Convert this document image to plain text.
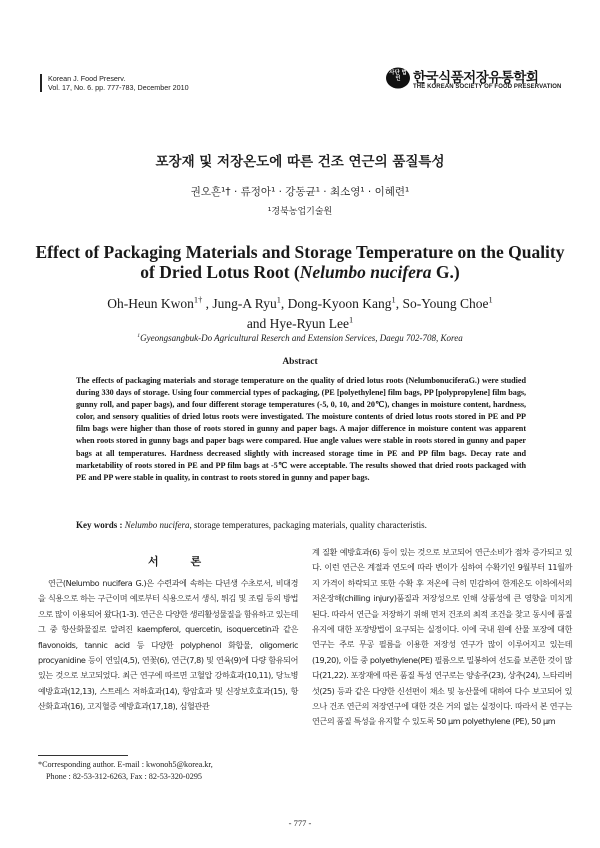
Korean J. Food Preserv.
Vol. 17, No. 6. pp. 777-783, December 2010
사단 법인 한국식품저장유통학회
THE KOREAN SOCIETY OF FOOD PRESERVATION
포장재 및 저장온도에 따른 건조 연근의 품질특성
권오흔¹† · 류정아¹ · 강동균¹ · 최소영¹ · 이혜련¹
¹경북농업기술원
Effect of Packaging Materials and Storage Temperature on the Quality
of Dried Lotus Root (Nelumbo nucifera G.)
Oh-Heun Kwon$^{1\dagger}$ , Jung-A Ryu$^1$, Dong-Kyoon Kang$^1$, So-Young Choe$^1$
and Hye-Ryun Lee$^1$
$^1$Gyeongsangbuk-Do Agricultural Reserch and Extension Services, Daegu 702-708, Korea
Abstract
The effects of packaging materials and storage temperature on the quality of dried lotus roots (NelumbonuciferaG.) were studied during 330 days of storage. Using four commercial types of packaging, (PE [polyethylene] film bags, PP [polypropylene] film bags, gunny roll, and paper bags), and four different storage temperatures (-5, 0, 10, and 20℃), changes in moisture content, hardness, color, and sensory qualities of dried lotus roots were investigated. The moisture contents of dried lotus roots stored in PE and PP film bags were higher than those of roots stored in gunny and paper bags. A major difference in moisture content was apparent when roots stored in gunny bags and paper bags were compared. Hue angle values were stable in roots stored in gunny and paper bags at all temperatures. Hardness decreased slightly with increased storage time in PE and PP film bags. Decay rate and marketability of roots stored in PE and PP film bags at -5℃ were acceptable. The results showed that dried roots packaged with PE and PP were stable in quality, in contrast to roots stored in gunny and paper bags.
Key words : Nelumbo nucifera, storage temperatures, packaging materials, quality characteristis.
서 론
연근(Nelumbo nucifera G.)은 수련과에 속하는 다년생 수초로서, 비대경을 식용으로 하는 구근이며 예로부터 식용으로서 생식, 튀김 및 조림 등의 방법으로 많이 이용되어 왔다(1-3). 연근은 다양한 생리활성물질을 함유하고 있는데 그 중 항산화물질로 알려진 kaempferol, quercetin, isoquercetin과 같은 flavonoids, tannic acid 등 다양한 polyphenol 화합물, oligomeric procyanidine 등이 연잎(4,5), 연꽃(6), 연근(7,8) 및 연육(9)에 다량 함유되어 있는 것으로 보고되었다. 최근 연구에 따르면 고혈압 강하효과(10,11), 당뇨병 예방효과(12,13), 스트레스 저하효과(14), 항암효과 및 신장보호효과(15), 항산화효과(16), 고지혈증 예방효과(17,18), 심혈관관
계 질환 예방효과(6) 등이 있는 것으로 보고되어 연근소비가 점차 증가되고 있다. 이런 연근은 계절과 연도에 따라 변이가 심하여 수확기인 9월부터 11월까지 가격이 하락되고 또한 수확 후 저온에 극히 민감하여 한계온도 이하에서의 저온장해(chilling injury)품질과 저장성으로 인해 상품성에 큰 영향을 미치게 된다. 따라서 연근을 저장하기 위해 먼저 건조의 최적 조건을 찾고 동시에 품질유지에 대한 포장방법이 요구되는 실정이다. 이에 국내 원예 산물 포장에 대한 연구는 주로 무공 필름을 이용한 저장성 연구가 많이 이루어지고 있는데(19,20), 이들 중 polyethylene(PE) 필름으로 밀봉하여 선도를 보존한 것이 많다(21,22). 포장재에 따른 품질 특성 연구로는 양송주(23), 상추(24), 느타리버섯(25) 등과 같은 다양한 신선편이 채소 및 농산물에 대하여 다수 보고되어 있으나 건조 연근의 저장연구에 대한 것은 거의 없는 실정이다. 따라서 본 연구는 연근의 품질 특성을 유지할 수 있도록 50 μm polyethylene (PE), 50 μm
*Corresponding author. E-mail : kwonoh5@korea.kr,
Phone : 82-53-312-6263, Fax : 82-53-320-0295
- 777 -
